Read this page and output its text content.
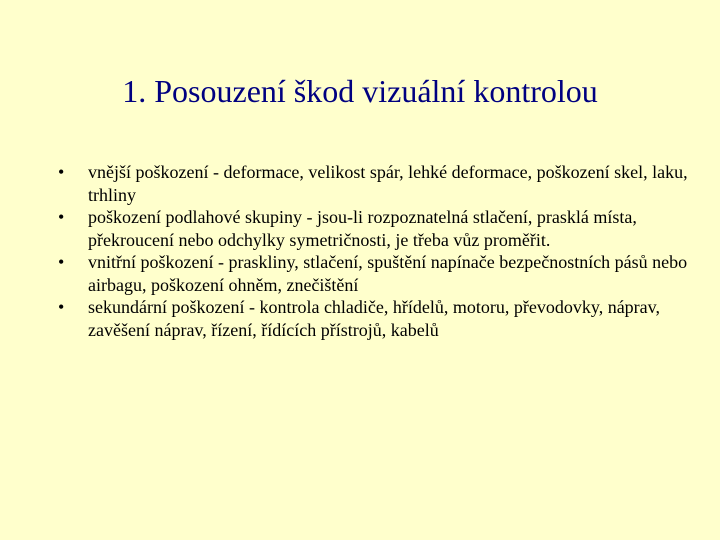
1. Posouzení škod vizuální kontrolou
•	vnější poškození - deformace, velikost spár, lehké deformace, poškození skel, laku, trhliny
•	poškození podlahové skupiny - jsou-li rozpoznatelná stlačení, prasklá místa, překroucení nebo odchylky symetričnosti, je třeba vůz proměřit.
•	vnitřní poškození - praskliny, stlačení, spuštění napínače bezpečnostních pásů nebo airbagu, poškození ohněm, znečištění
•	sekundární poškození - kontrola chladiče, hřídelů, motoru, převodovky, náprav, zavěšení náprav, řízení, řídících přístrojů, kabelů
